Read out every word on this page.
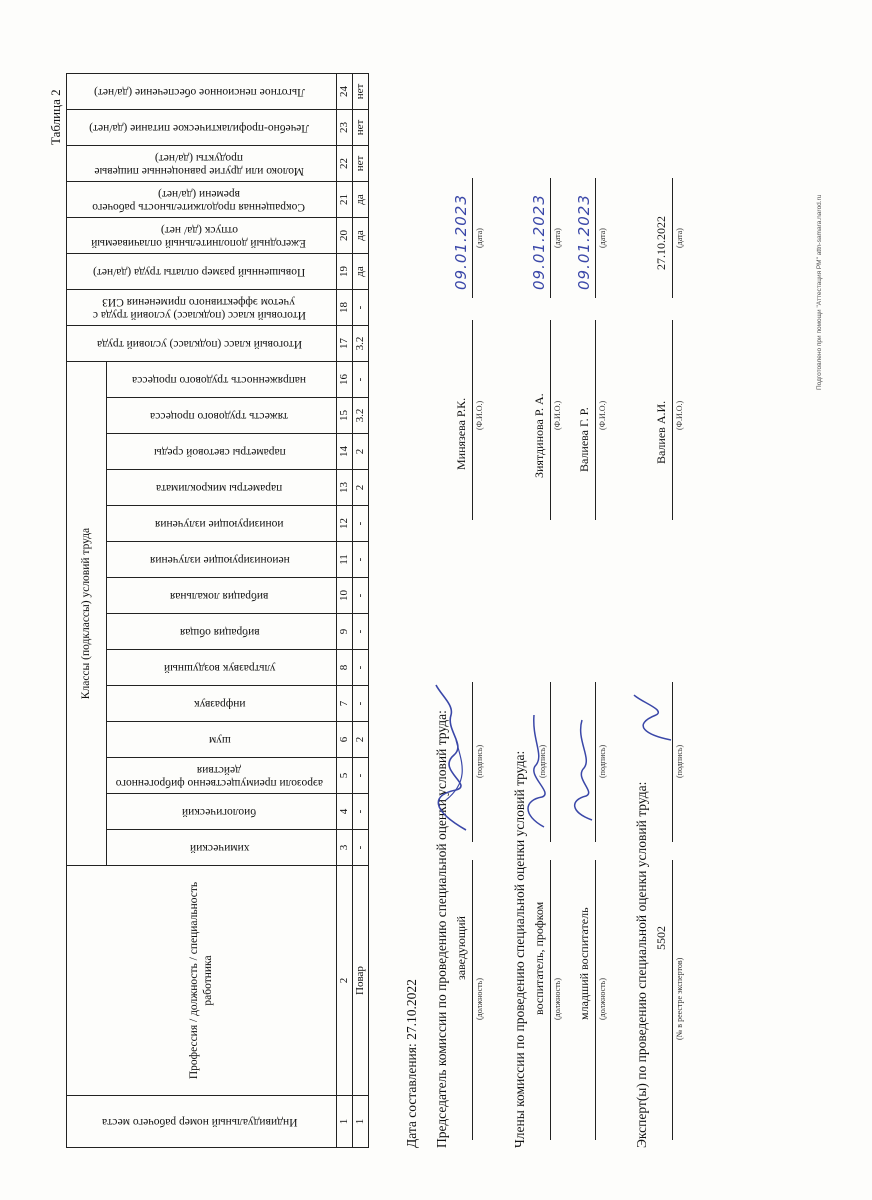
Таблица 2
Индивидуальный номер рабочего места	Профессия / должность / специальность работника	Классы (подклассы) условий труда														Итоговый класс (подкласс) условий труда	Итоговый класс (подкласс) условий труда с учетом эффективного применения СИЗ	Повышенный размер оплаты труда (да/нет)	Ежегодный дополнительный оплачиваемый отпуск (да/ нет)	Сокращенная продолжительность рабочего времени (да/нет)	Молоко или другие равноценные пищевые продукты (да/нет)	Лечебно-профилактическое питание (да/нет)	Льготное пенсионное обеспечение (да/нет)
		химический	биологический	аэрозоли преимущественно фиброгенного действия	шум	инфразвук	ультразвук воздушный	вибрация общая	вибрация локальная	неионизирующие излучения	ионизирующие излучения	параметры микроклимата	параметры световой среды	тяжесть трудового процесса	напряженность трудового процесса								
1	2	3	4	5	6	7	8	9	10	11	12	13	14	15	16	17	18	19	20	21	22	23	24
1	Повар	-	-	-	2	-	-	-	-	-	-	2	2	3.2	-	3.2	-	да	да	да	нет	нет	нет
Дата составления: 27.10.2022 Председатель комиссии по проведению специальной оценки условий труда: заведующий
(должность)
(подпись)
Минязева Р.К. (Ф.И.О.)
09.01.2023 (дата)
Члены комиссии по проведению специальной оценки условий труда: воспитатель, профком (должность)
(подпись)
Зиятдинова Р. А. (Ф.И.О.)
09.01.2023 (дата)
младший воспитатель (должность)
(подпись)
Валиева Г. Р. (Ф.И.О.)
09.01.2023 (дата)
Эксперт(ы) по проведению специальной оценки условий труда: 5502
(№ в реестре экспертов)
(подпись)
Валиев А.И. (Ф.И.О.)
27.10.2022 (дата)	Подготовлено при помощи "Аттестация РМ" attn-samara.narod.ru
